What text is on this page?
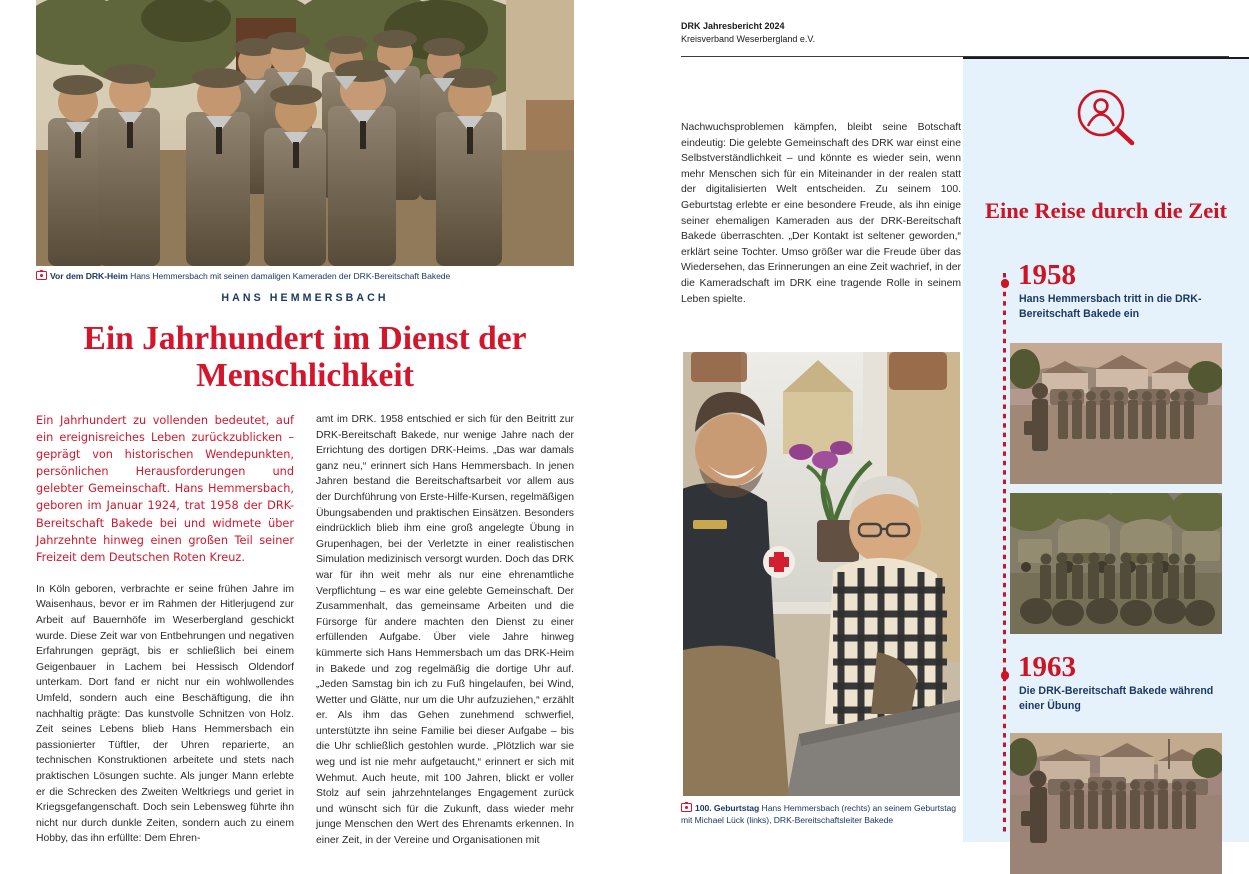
Vor dem DRK-Heim Hans Hemmersbach mit seinen damaligen Kameraden der DRK-Bereitschaft Bakede
HANS HEMMERSBACH
Ein Jahrhundert im Dienst der Menschlichkeit

Ein Jahrhundert zu vollenden bedeutet, auf ein ereignisreiches Leben zurückzublicken – geprägt von historischen Wendepunkten, persönlichen Herausforderungen und gelebter Gemeinschaft. Hans Hemmersbach, geboren im Januar 1924, trat 1958 der DRK-Bereitschaft Bakede bei und widmete über Jahrzehnte hinweg einen großen Teil seiner Freizeit dem Deutschen Roten Kreuz.

In Köln geboren, verbrachte er seine frühen Jahre im Waisenhaus, bevor er im Rahmen der Hitlerjugend zur Arbeit auf Bauernhöfe im Weserbergland geschickt wurde. Diese Zeit war von Entbehrungen und negativen Erfahrungen geprägt, bis er schließlich bei einem Geigenbauer in Lachem bei Hessisch Oldendorf unterkam. Dort fand er nicht nur ein wohlwollendes Umfeld, sondern auch eine Beschäftigung, die ihn nachhaltig prägte: Das kunstvolle Schnitzen von Holz. Zeit seines Lebens blieb Hans Hemmersbach ein passionierter Tüftler, der Uhren reparierte, an technischen Konstruktionen arbeitete und stets nach praktischen Lösungen suchte. Als junger Mann erlebte er die Schrecken des Zweiten Weltkriegs und geriet in Kriegsgefangenschaft. Doch sein Lebensweg führte ihn nicht nur durch dunkle Zeiten, sondern auch zu einem Hobby, das ihn erfüllte: Dem Ehren-

amt im DRK. 1958 entschied er sich für den Beitritt zur DRK-Bereitschaft Bakede, nur wenige Jahre nach der Errichtung des dortigen DRK-Heims. „Das war damals ganz neu,“ erinnert sich Hans Hemmersbach. In jenen Jahren bestand die Bereitschaftsarbeit vor allem aus der Durchführung von Erste-Hilfe-Kursen, regelmäßigen Übungsabenden und praktischen Einsätzen. Besonders eindrücklich blieb ihm eine groß angelegte Übung in Grupenhagen, bei der Verletzte in einer realistischen Simulation medizinisch versorgt wurden. Doch das DRK war für ihn weit mehr als nur eine ehrenamtliche Verpflichtung – es war eine gelebte Gemeinschaft. Der Zusammenhalt, das gemeinsame Arbeiten und die Fürsorge für andere machten den Dienst zu einer erfüllenden Aufgabe. Über viele Jahre hinweg kümmerte sich Hans Hemmersbach um das DRK-Heim in Bakede und zog regelmäßig die dortige Uhr auf. „Jeden Samstag bin ich zu Fuß hingelaufen, bei Wind, Wetter und Glätte, nur um die Uhr aufzuziehen,“ erzählt er. Als ihm das Gehen zunehmend schwerfiel, unterstützte ihn seine Familie bei dieser Aufgabe – bis die Uhr schließlich gestohlen wurde. „Plötzlich war sie weg und ist nie mehr aufgetaucht,“ erinnert er sich mit Wehmut. Auch heute, mit 100 Jahren, blickt er voller Stolz auf sein jahrzehntelanges Engagement zurück und wünscht sich für die Zukunft, dass wieder mehr junge Menschen den Wert des Ehrenamts erkennen. In einer Zeit, in der Vereine und Organisationen mit

DRK Jahresbericht 2024
Kreisverband Weserbergland e.V.

Nachwuchsproblemen kämpfen, bleibt seine Botschaft eindeutig: Die gelebte Gemeinschaft des DRK war einst eine Selbstverständlichkeit – und könnte es wieder sein, wenn mehr Menschen sich für ein Miteinander in der realen statt der digitalisierten Welt entscheiden. Zu seinem 100. Geburtstag erlebte er eine besondere Freude, als ihn einige seiner ehemaligen Kameraden aus der DRK-Bereitschaft Bakede überraschten. „Der Kontakt ist seltener geworden,“ erklärt seine Tochter. Umso größer war die Freude über das Wiedersehen, das Erinnerungen an eine Zeit wachrief, in der die Kameradschaft im DRK eine tragende Rolle in seinem Leben spielte.

100. Geburtstag Hans Hemmersbach (rechts) an seinem Geburtstag mit Michael Lück (links), DRK-Bereitschaftsleiter Bakede
Eine Reise durch die Zeit
1958
Hans Hemmersbach tritt in die DRK-Bereitschaft Bakede ein
1963
Die DRK-Bereitschaft Bakede während einer Übung
